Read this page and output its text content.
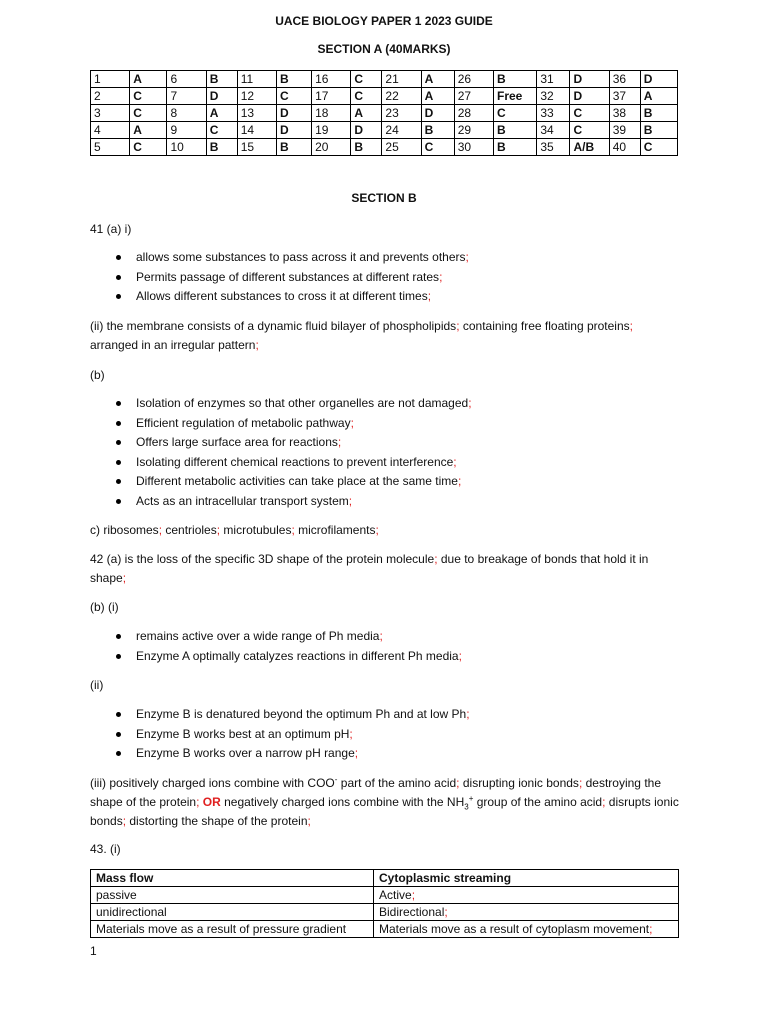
UACE BIOLOGY PAPER 1 2023 GUIDE
SECTION A (40MARKS)
1	A	6	B	11	B	16	C	21	A	26	B	31	D	36	D
2	C	7	D	12	C	17	C	22	A	27	Free	32	D	37	A
3	C	8	A	13	D	18	A	23	D	28	C	33	C	38	B
4	A	9	C	14	D	19	D	24	B	29	B	34	C	39	B
5	C	10	B	15	B	20	B	25	C	30	B	35	A/B	40	C
SECTION B
41 (a) i)
allows some substances to pass across it and prevents others;
Permits passage of different substances at different rates;
Allows different substances to cross it at different times;
(ii) the membrane consists of a dynamic fluid bilayer of phospholipids; containing free floating proteins; arranged in an irregular pattern;
(b)
Isolation of enzymes so that other organelles are not damaged;
Efficient regulation of metabolic pathway;
Offers large surface area for reactions;
Isolating different chemical reactions to prevent interference;
Different metabolic activities can take place at the same time;
Acts as an intracellular transport system;
c) ribosomes; centrioles; microtubules; microfilaments;
42 (a) is the loss of the specific 3D shape of the protein molecule; due to breakage of bonds that hold it in shape;
(b) (i)
remains active over a wide range of Ph media;
Enzyme A optimally catalyzes reactions in different Ph media;
(ii)
Enzyme B is denatured beyond the optimum Ph and at low Ph;
Enzyme B works best at an optimum pH;
Enzyme B works over a narrow pH range;
(iii) positively charged ions combine with COO- part of the amino acid; disrupting ionic bonds; destroying the shape of the protein; OR negatively charged ions combine with the $NH_3^+$ group of the amino acid; disrupts ionic bonds; distorting the shape of the protein;
43. (i)
Mass flow	Cytoplasmic streaming
passive	Active;
unidirectional	Bidirectional;
Materials move as a result of pressure gradient	Materials move as a result of cytoplasm movement;
1
